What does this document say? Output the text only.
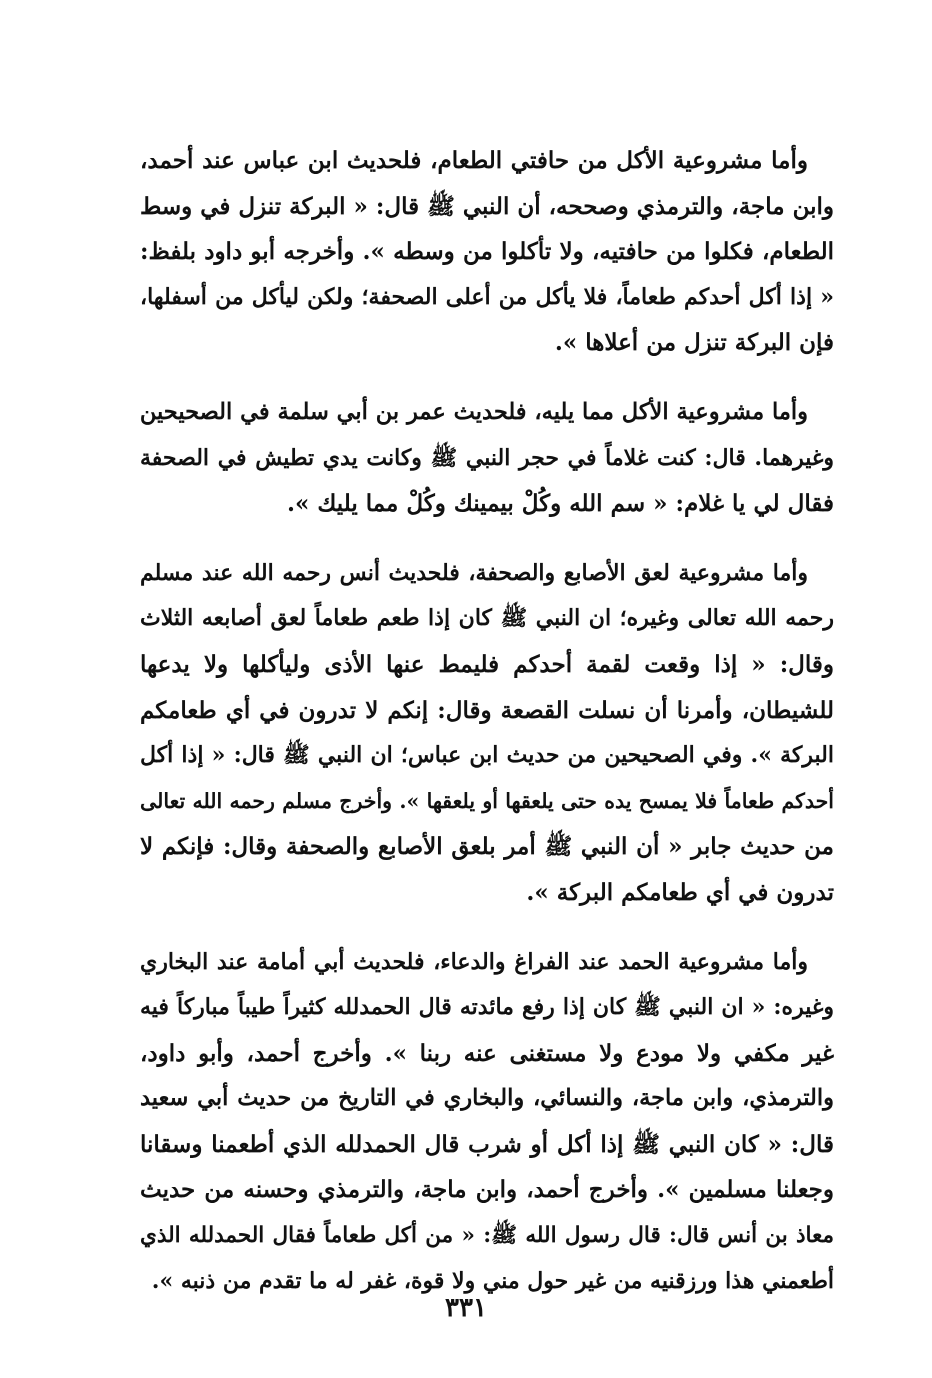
وأما مشروعية الأكل من حافتي الطعام، فلحديث ابن عباس عند أحمد،
وابن ماجة، والترمذي وصححه، أن النبي ﷺ قال: « البركة تنزل في وسط
الطعام، فكلوا من حافتيه، ولا تأكلوا من وسطه ». وأخرجه أبو داود بلفظ:
« إذا أكل أحدكم طعاماً، فلا يأكل من أعلى الصحفة؛ ولكن ليأكل من أسفلها،
فإن البركة تنزل من أعلاها ».
وأما مشروعية الأكل مما يليه، فلحديث عمر بن أبي سلمة في الصحيحين
وغيرهما. قال: كنت غلاماً في حجر النبي ﷺ وكانت يدي تطيش في الصحفة
فقال لي يا غلام: « سم الله وكُلْ بيمينك وكُلْ مما يليك ».
وأما مشروعية لعق الأصابع والصحفة، فلحديث أنس رحمه الله عند مسلم
رحمه الله تعالى وغيره؛ ان النبي ﷺ كان إذا طعم طعاماً لعق أصابعه الثلاث
وقال: « إذا وقعت لقمة أحدكم فليمط عنها الأذى وليأكلها ولا يدعها
للشيطان، وأمرنا أن نسلت القصعة وقال: إنكم لا تدرون في أي طعامكم
البركة ». وفي الصحيحين من حديث ابن عباس؛ ان النبي ﷺ قال: « إذا أكل
أحدكم طعاماً فلا يمسح يده حتى يلعقها أو يلعقها ». وأخرج مسلم رحمه الله تعالى
من حديث جابر « أن النبي ﷺ أمر بلعق الأصابع والصحفة وقال: فإنكم لا
تدرون في أي طعامكم البركة ».
وأما مشروعية الحمد عند الفراغ والدعاء، فلحديث أبي أمامة عند البخاري
وغيره: « ان النبي ﷺ كان إذا رفع مائدته قال الحمدلله كثيراً طيباً مباركاً فيه
غير مكفي ولا مودع ولا مستغنى عنه ربنا ». وأخرج أحمد، وأبو داود،
والترمذي، وابن ماجة، والنسائي، والبخاري في التاريخ من حديث أبي سعيد
قال: « كان النبي ﷺ إذا أكل أو شرب قال الحمدلله الذي أطعمنا وسقانا
وجعلنا مسلمين ». وأخرج أحمد، وابن ماجة، والترمذي وحسنه من حديث
معاذ بن أنس قال: قال رسول الله ﷺ: « من أكل طعاماً فقال الحمدلله الذي
أطعمني هذا ورزقنيه من غير حول مني ولا قوة، غفر له ما تقدم من ذنبه ».
٣٣١
